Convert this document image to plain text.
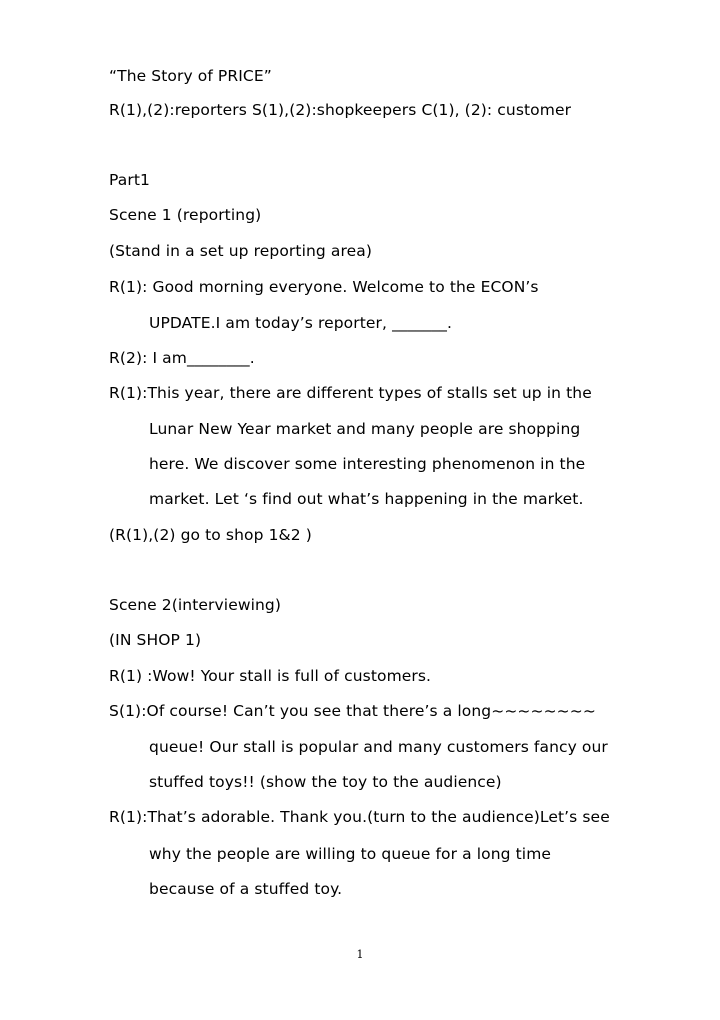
“The Story of PRICE”
R(1),(2):reporters S(1),(2):shopkeepers C(1), (2): customer
Part1
Scene 1 (reporting)
(Stand in a set up reporting area)
R(1): Good morning everyone. Welcome to the ECON’s
UPDATE.I am today’s reporter, _______.
R(2): I am________.
R(1):This year, there are different types of stalls set up in the
Lunar New Year market and many people are shopping
here. We discover some interesting phenomenon in the
market. Let ‘s find out what’s happening in the market.
(R(1),(2) go to shop 1&2 )
Scene 2(interviewing)
(IN SHOP 1)
R(1) :Wow! Your stall is full of customers.
S(1):Of course! Can’t you see that there’s a long~~~~~~~~
queue! Our stall is popular and many customers fancy our
stuffed toys!! (show the toy to the audience)
R(1):That’s adorable. Thank you.(turn to the audience)Let’s see
why the people are willing to queue for a long time
because of a stuffed toy.
1
